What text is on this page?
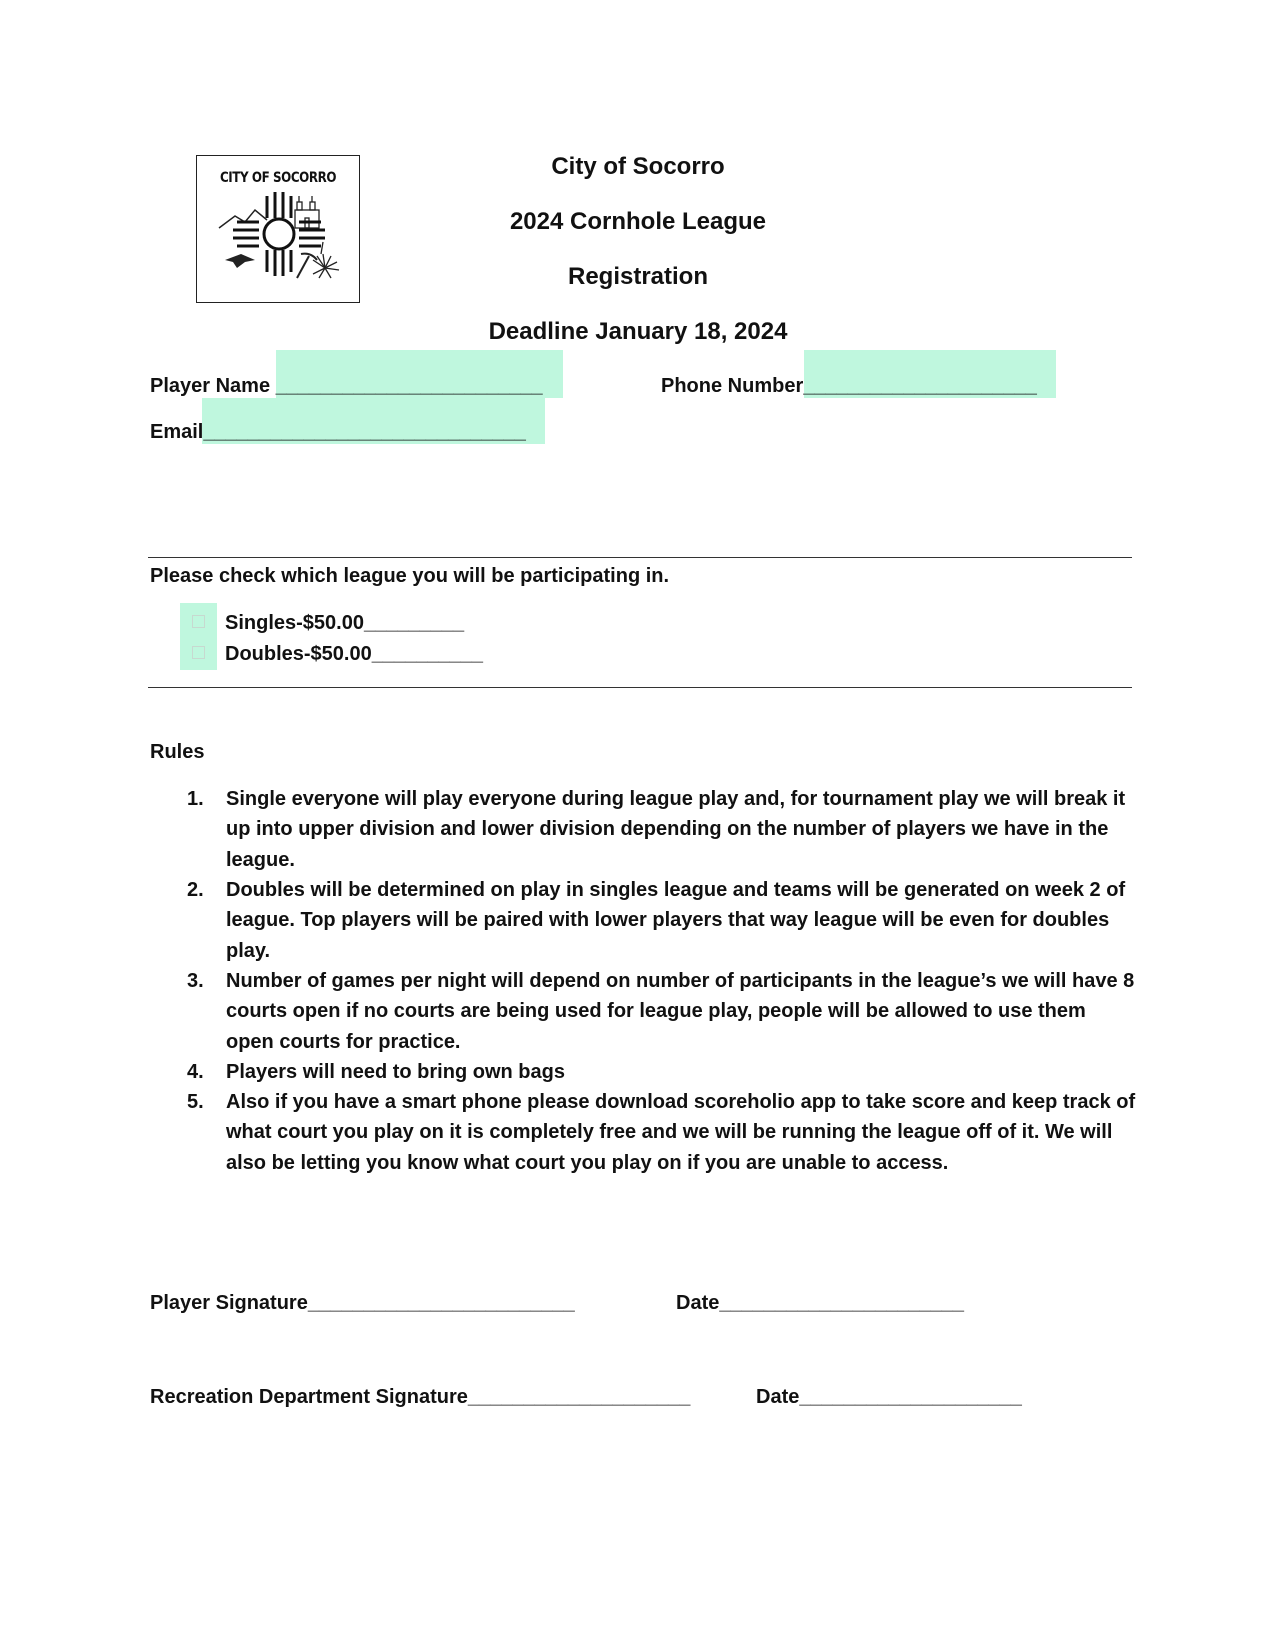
CITY OF SOCORRO	City of Socorro
2024 Cornhole League
Registration
Deadline January 18, 2024
Player Name ________________________	Phone Number_____________________
Email_____________________________
Please check which league you will be participating in.
Singles-$50.00_________
Doubles-$50.00__________
Rules
1. Single everyone will play everyone during league play and, for tournament play we will break it up into upper division and lower division depending on the number of players we have in the league.
2. Doubles will be determined on play in singles league and teams will be generated on week 2 of league. Top players will be paired with lower players that way league will be even for doubles play.
3. Number of games per night will depend on number of participants in the league’s we will have 8 courts open if no courts are being used for league play, people will be allowed to use them open courts for practice.
4. Players will need to bring own bags
5. Also if you have a smart phone please download scoreholio app to take score and keep track of what court you play on it is completely free and we will be running the league off of it. We will also be letting you know what court you play on if you are unable to access.
Player Signature________________________	Date______________________
Recreation Department Signature____________________	Date____________________
